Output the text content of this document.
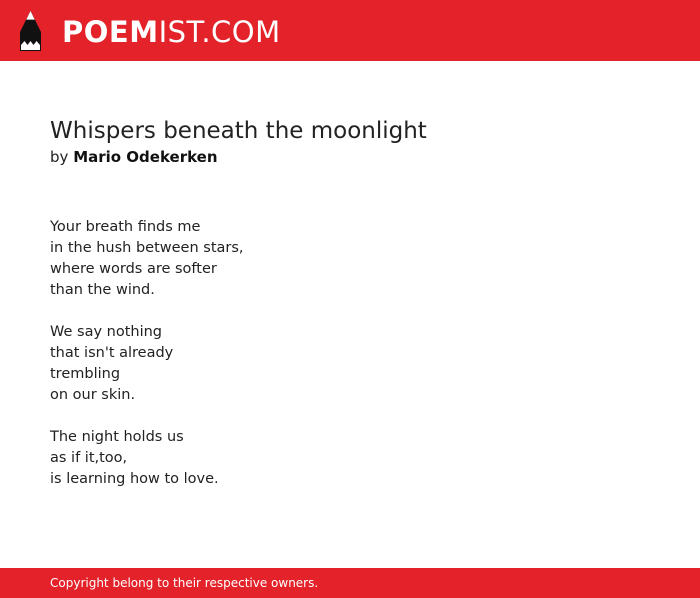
POEMIST.COM
Whispers beneath the moonlight
by Mario Odekerken

Your breath finds me
in the hush between stars,
where words are softer
than the wind.

We say nothing
that isn't already
trembling
on our skin.

The night holds us
as if it,too,
is learning how to love.

Copyright belong to their respective owners.
